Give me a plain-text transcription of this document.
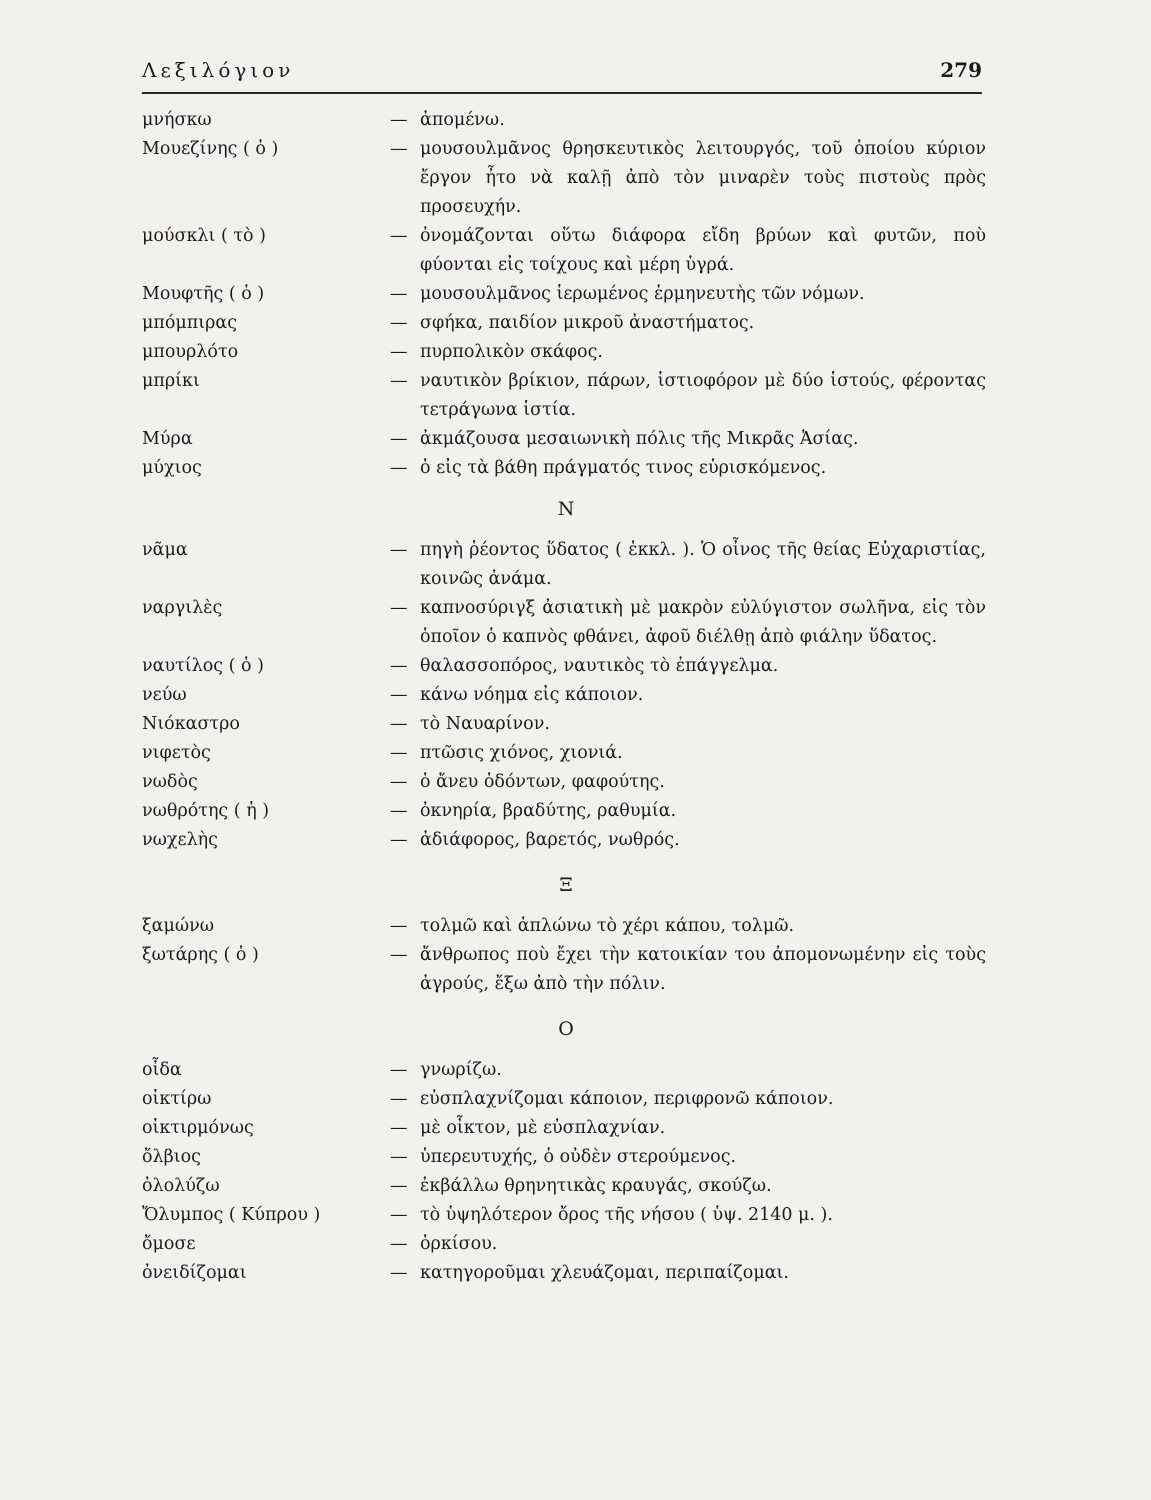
Λεξιλόγιον	279
μνήσκω	— ἀπομένω.
Μουεζίνης ( ὁ )	— μουσουλμᾶνος θρησκευτικὸς λειτουργός, τοῦ ὁποίου κύριον ἔργον ἦτο νὰ καλῇ ἀπὸ τὸν μιναρὲν τοὺς πιστοὺς πρὸς προσευχήν.
μούσκλι ( τὸ )	— ὀνομάζονται οὕτω διάφορα εἴδη βρύων καὶ φυτῶν, ποὺ φύονται εἰς τοίχους καὶ μέρη ὑγρά.
Μουφτῆς ( ὁ )	— μουσουλμᾶνος ἱερωμένος ἑρμηνευτὴς τῶν νόμων.
μπόμπιρας	— σφήκα, παιδίον μικροῦ ἀναστήματος.
μπουρλότο	— πυρπολικὸν σκάφος.
μπρίκι	— ναυτικὸν βρίκιον, πάρων, ἱστιοφόρον μὲ δύο ἱστούς, φέροντας τετράγωνα ἱστία.
Μύρα	— ἀκμάζουσα μεσαιωνικὴ πόλις τῆς Μικρᾶς Ἀσίας.
μύχιος	— ὁ εἰς τὰ βάθη πράγματός τινος εὑρισκόμενος.
Ν
νᾶμα	— πηγὴ ῥέοντος ὕδατος ( ἐκκλ. ). Ὁ οἶνος τῆς θείας Εὐχαριστίας, κοινῶς ἀνάμα.
ναργιλὲς	— καπνοσύριγξ ἀσιατικὴ μὲ μακρὸν εὐλύγιστον σωλῆνα, εἰς τὸν ὁποῖον ὁ καπνὸς φθάνει, ἀφοῦ διέλθῃ ἀπὸ φιάλην ὕδατος.
ναυτίλος ( ὁ )	— θαλασσοπόρος, ναυτικὸς τὸ ἐπάγγελμα.
νεύω	— κάνω νόημα εἰς κάποιον.
Νιόκαστρο	— τὸ Ναυαρίνον.
νιφετὸς	— πτῶσις χιόνος, χιονιά.
νωδὸς	— ὁ ἄνευ ὀδόντων, φαφούτης.
νωθρότης ( ἡ )	— ὀκνηρία, βραδύτης, ραθυμία.
νωχελὴς	— ἀδιάφορος, βαρετός, νωθρός.
Ξ
ξαμώνω	— τολμῶ καὶ ἁπλώνω τὸ χέρι κάπου, τολμῶ.
ξωτάρης ( ὁ )	— ἄνθρωπος ποὺ ἔχει τὴν κατοικίαν του ἀπομονωμένην εἰς τοὺς ἀγρούς, ἔξω ἀπὸ τὴν πόλιν.
Ο
οἶδα	— γνωρίζω.
οἰκτίρω	— εὐσπλαχνίζομαι κάποιον, περιφρονῶ κάποιον.
οἰκτιρμόνως	— μὲ οἶκτον, μὲ εὐσπλαχνίαν.
ὄλβιος	— ὑπερευτυχής, ὁ οὐδὲν στερούμενος.
ὀλολύζω	— ἐκβάλλω θρηνητικὰς κραυγάς, σκούζω.
Ὄλυμπος ( Κύπρου )	— τὸ ὑψηλότερον ὄρος τῆς νήσου ( ὑψ. 2140 μ. ).
ὄμοσε	— ὁρκίσου.
ὀνειδίζομαι	— κατηγοροῦμαι χλευάζομαι, περιπαίζομαι.
